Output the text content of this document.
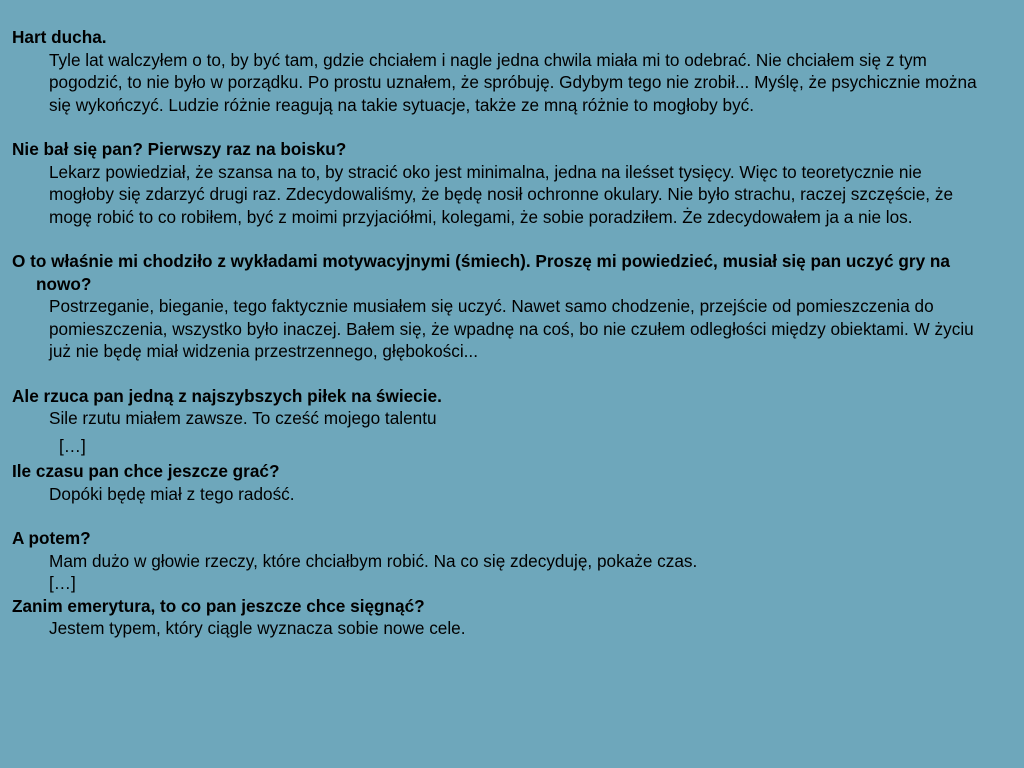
Hart ducha.
Tyle lat walczyłem o to, by być tam, gdzie chciałem i nagle jedna chwila miała mi to odebrać. Nie chciałem się z tym pogodzić, to nie było w porządku. Po prostu uznałem, że spróbuję. Gdybym tego nie zrobił... Myślę, że psychicznie można się wykończyć. Ludzie różnie reagują na takie sytuacje, także ze mną różnie to mogłoby być.
Nie bał się pan? Pierwszy raz na boisku?
Lekarz powiedział, że szansa na to, by stracić oko jest minimalna, jedna na ileśset tysięcy. Więc to teoretycznie nie mogłoby się zdarzyć drugi raz. Zdecydowaliśmy, że będę nosił ochronne okulary. Nie było strachu, raczej szczęście, że mogę robić to co robiłem, być z moimi przyjaciółmi, kolegami, że sobie poradziłem. Że zdecydowałem ja a nie los.
O to właśnie mi chodziło z wykładami motywacyjnymi (śmiech). Proszę mi powiedzieć, musiał się pan uczyć gry na nowo?
Postrzeganie, bieganie, tego faktycznie musiałem się uczyć. Nawet samo chodzenie, przejście od pomieszczenia do pomieszczenia, wszystko było inaczej. Bałem się, że wpadnę na coś, bo nie czułem odległości między obiektami. W życiu już nie będę miał widzenia przestrzennego, głębokości...
Ale rzuca pan jedną z najszybszych piłek na świecie.
Sile rzutu miałem zawsze. To cześć mojego talentu
[…]
Ile czasu pan chce jeszcze grać?
Dopóki będę miał z tego radość.
A potem?
Mam dużo w głowie rzeczy, które chciałbym robić. Na co się zdecyduję, pokaże czas.
[…]
Zanim emerytura, to co pan jeszcze chce sięgnąć?
Jestem typem, który ciągle wyznacza sobie nowe cele.
